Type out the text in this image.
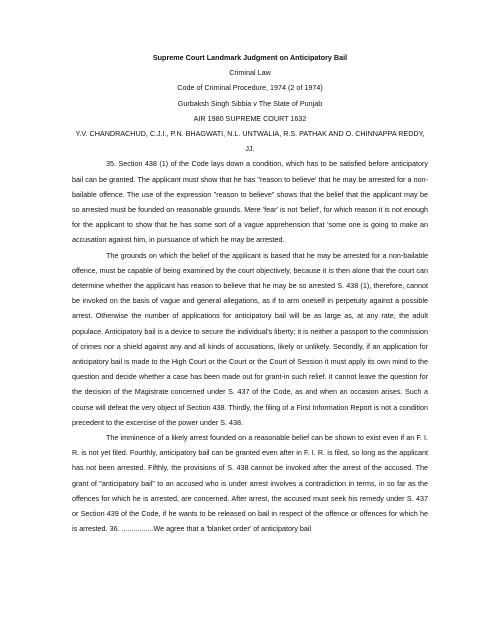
Supreme Court Landmark Judgment on Anticipatory Bail
Criminal Law
Code of Criminal Procedure, 1974 (2 of 1974)
Gurbaksh Singh Sibbia v The State of Punjab
AIR 1980 SUPREME COURT 1632
Y.V. CHANDRACHUD, C.J.I., P.N. BHAGWATI, N.L. UNTWALIA, R.S. PATHAK AND O. CHINNAPPA REDDY, JJ.

35. Section 438 (1) of the Code lays down a condition, which has to be satisfied before anticipatory bail can be granted. The applicant must show that he has "reason to believe' that he may be arrested for a non-bailable offence. The use of the expression "reason to believe" shows that the belief that the applicant may be so arrested must be founded on reasonable grounds. Mere 'fear' is not 'belief', for which reason it is not enough for the applicant to show that he has some sort of a vague apprehension that 'some one is going to make an accusation against him, in pursuance of which he may be arrested.

The grounds on which the belief of the applicant is based that he may be arrested for a non-bailable offence, must be capable of being examined by the court objectively, because it is then alone that the court can determine whether the applicant has reason to believe that he may be so arrested S. 438 (1), therefore, cannot be invoked on the basis of vague and general allegations, as if to arm oneself in perpetuity against a possible arrest. Otherwise the number of applications for anticipatory bail will be as large as, at any rate, the adult populace. Anticipatory bail is a device to secure the individual's liberty; it is neither a passport to the commission of crimes nor a shield against any and all kinds of accusations, likely or unlikely. Secondly, if an application for anticipatory bail is made to the High Court or the Court or the Court of Session it must apply its own mind to the question and decide whether a case has been made out for grant-in such relief. It cannot leave the question for the decision of the Magistrate concerned under S. 437 of the Code, as and when an occasion arises. Such a course will defeat the very object of Section 438. Thirdly, the filing of a First Information Report is not a condition precedent to the excercise of the power under S. 438.

The imminence of a likely arrest founded on a reasonable belief can be shown to exist even if an F. I. R. is not yet filed. Fourthly, anticipatory bail can be granted even after in F. I. R. is filed, so long as the applicant has not been arrested. Fifthly, the provisions of S. 438 cannot be invoked after the arrest of the accused. The grant of "anticipatory bail" to an accused who is under arrest involves a contradiction in terms, in so far as the offences for which he is arrested, are concerned. After arrest, the accused must seek his remedy under S. 437 or Section 439 of the Code, if he wants to be released on bail in respect of the offence or offences for which he is arrested. 36. ................We agree that a 'blanket order' of anticipatory bail
